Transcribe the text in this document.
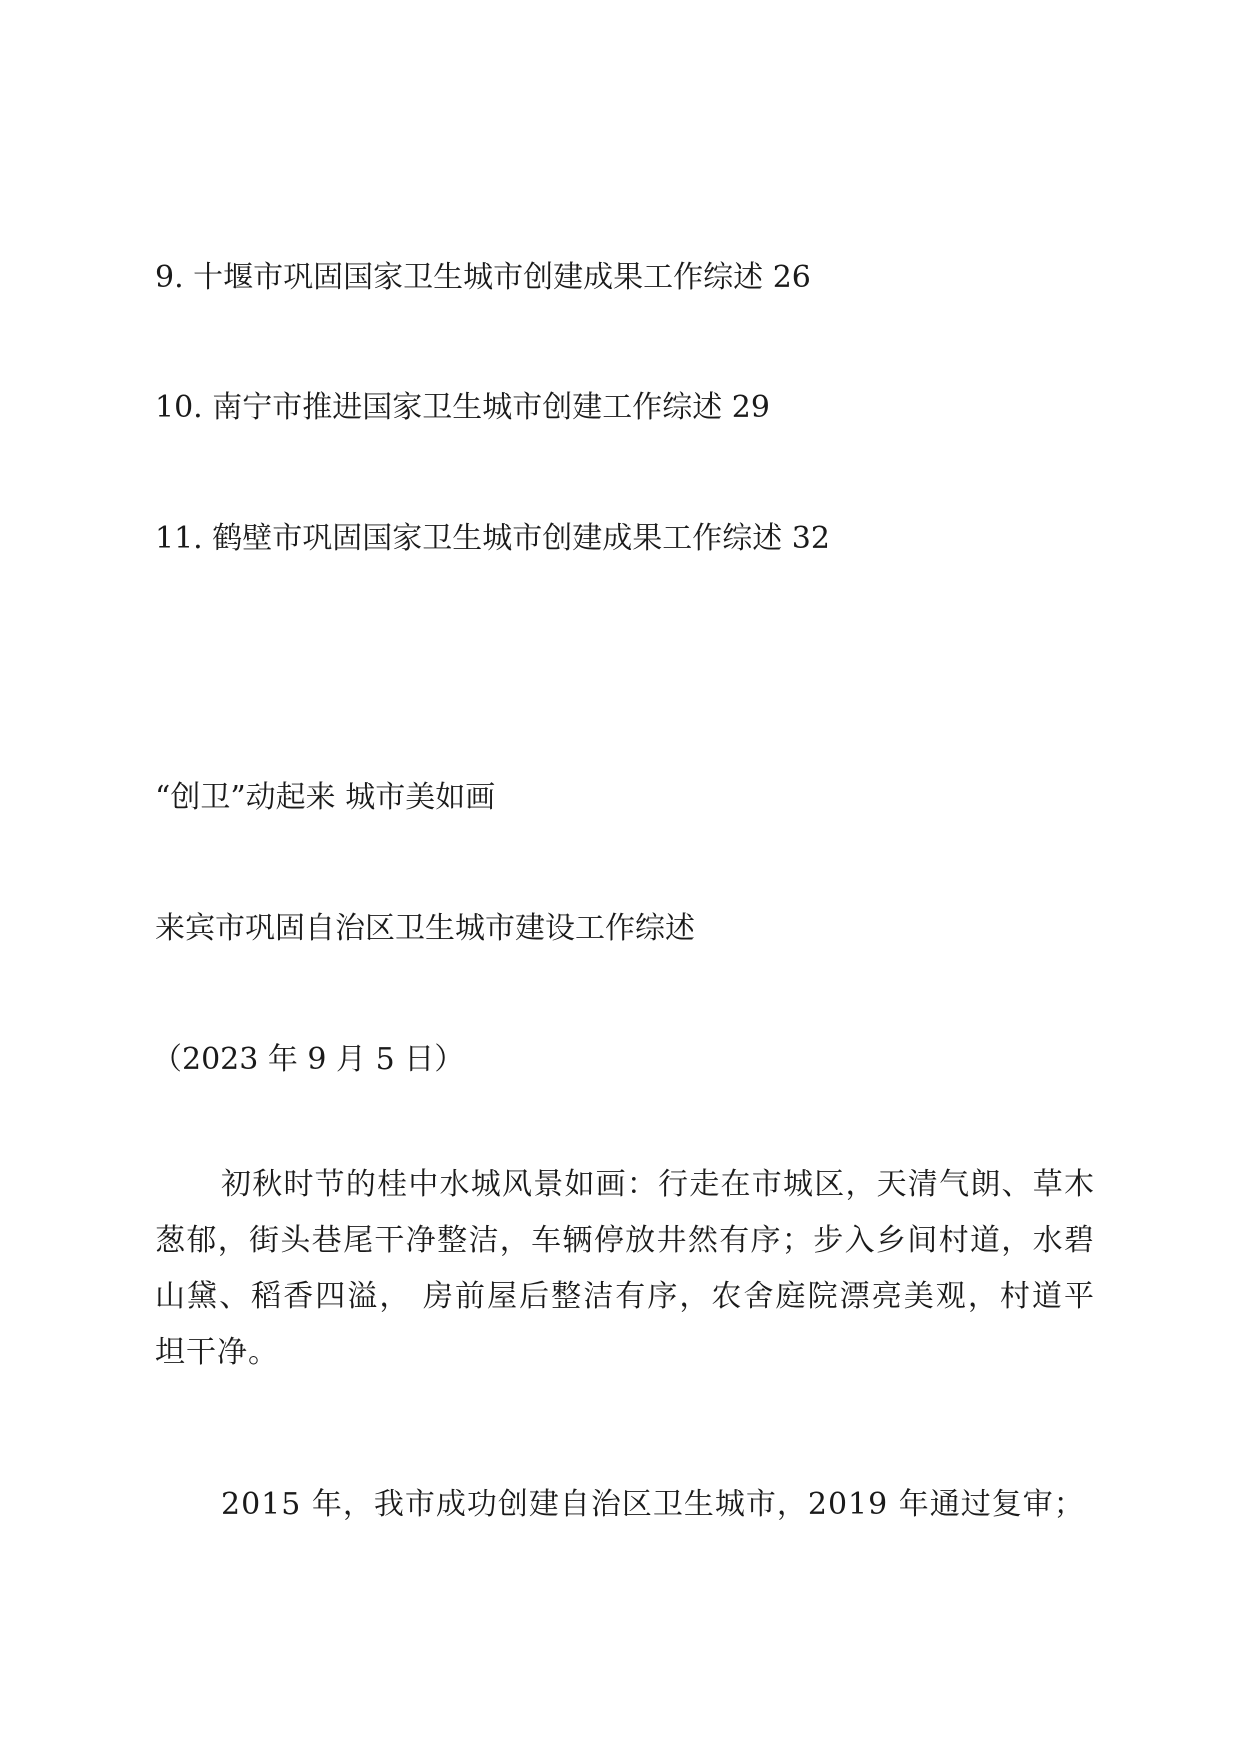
9. 十堰市巩固国家卫生城市创建成果工作综述 26
10. 南宁市推进国家卫生城市创建工作综述 29
11. 鹤壁市巩固国家卫生城市创建成果工作综述 32
“创卫”动起来 城市美如画
来宾市巩固自治区卫生城市建设工作综述
（2023 年 9 月 5 日）
初秋时节的桂中水城风景如画：行走在市城区，天清气朗、草木葱郁，街头巷尾干净整洁，车辆停放井然有序；步入乡间村道，水碧山黛、稻香四溢， 房前屋后整洁有序，农舍庭院漂亮美观，村道平坦干净。
2015 年，我市成功创建自治区卫生城市，2019 年通过复审；
